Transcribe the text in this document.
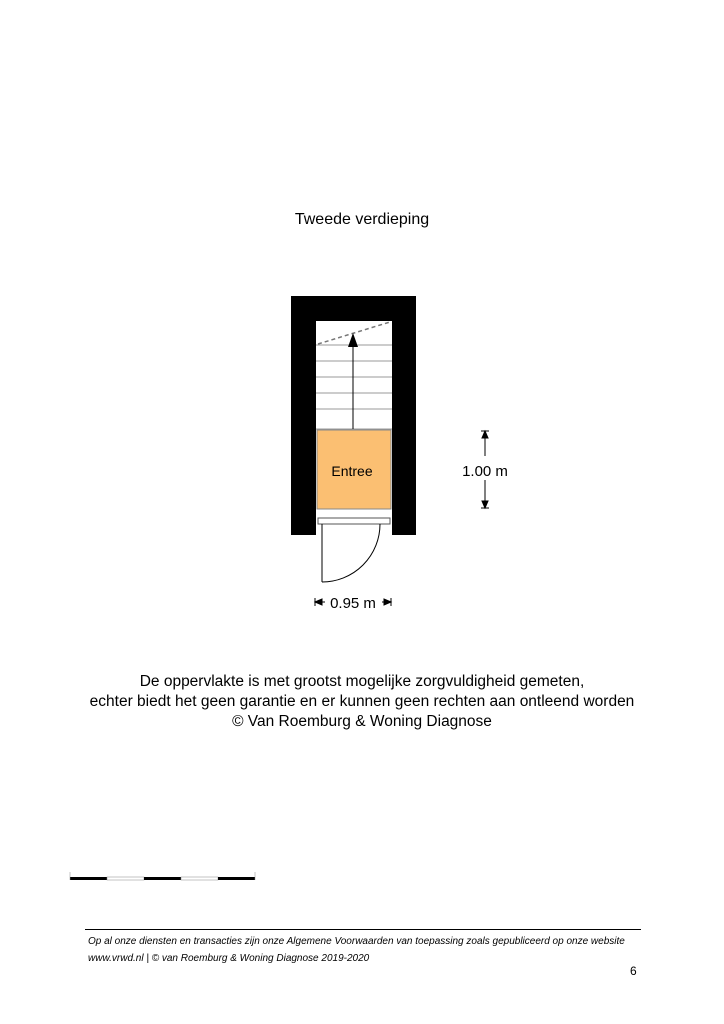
Tweede verdieping
Entree	1.00 m
0.95 m
De oppervlakte is met grootst mogelijke zorgvuldigheid gemeten,
echter biedt het geen garantie en er kunnen geen rechten aan ontleend worden
© Van Roemburg & Woning Diagnose
Op al onze diensten en transacties zijn onze Algemene Voorwaarden van toepassing zoals gepubliceerd op onze website
www.vrwd.nl | © van Roemburg & Woning Diagnose 2019-2020
6
